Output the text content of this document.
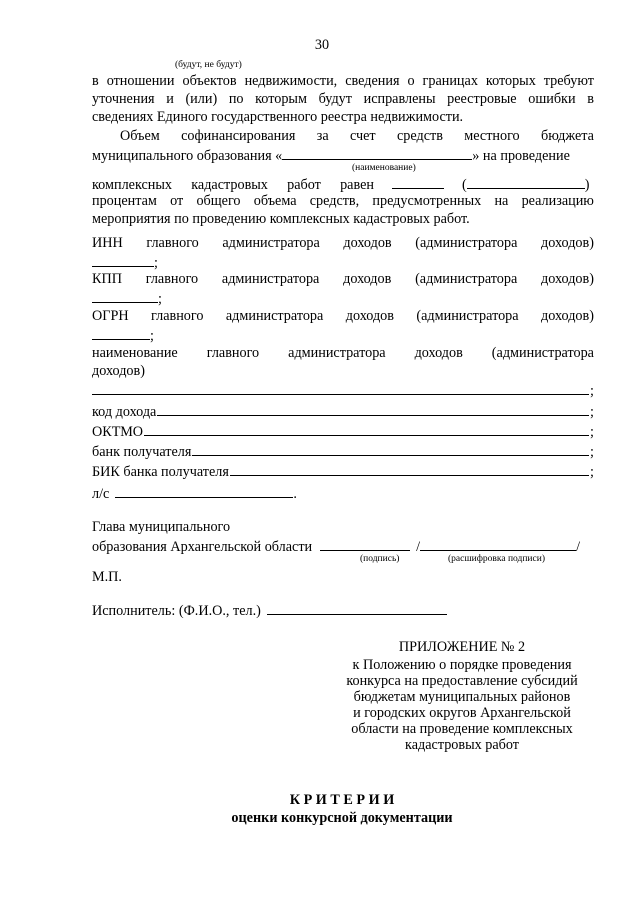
30
(будут, не будут)
в отношении объектов недвижимости, сведения о границах которых требуют
уточнения и (или) по которым будут исправлены реестровые ошибки в
сведениях Единого государственного реестра недвижимости.
Объем софинансирования за счет средств местного бюджета
муниципального образования «	» на проведение
(наименование)
комплексных кадастровых работ равен	(	)
процентам от общего объема средств, предусмотренных на реализацию
мероприятия по проведению комплексных кадастровых работ.
ИНН главного администратора доходов (администратора доходов)
;
КПП главного администратора доходов (администратора доходов)
;
ОГРН главного администратора доходов (администратора доходов)
;
наименование главного администратора доходов (администратора
доходов)
;
код дохода	;
ОКТМО	;
банк получателя	;
БИК банка получателя	;
л/с	.
Глава муниципального
образования Архангельской области	/	/
(подпись)	(расшифровка подписи)
М.П.
Исполнитель: (Ф.И.О., тел.)
ПРИЛОЖЕНИЕ № 2
к Положению о порядке проведения
конкурса на предоставление субсидий
бюджетам муниципальных районов
и городских округов Архангельской
области на проведение комплексных
кадастровых работ
К Р И Т Е Р И И
оценки конкурсной документации
